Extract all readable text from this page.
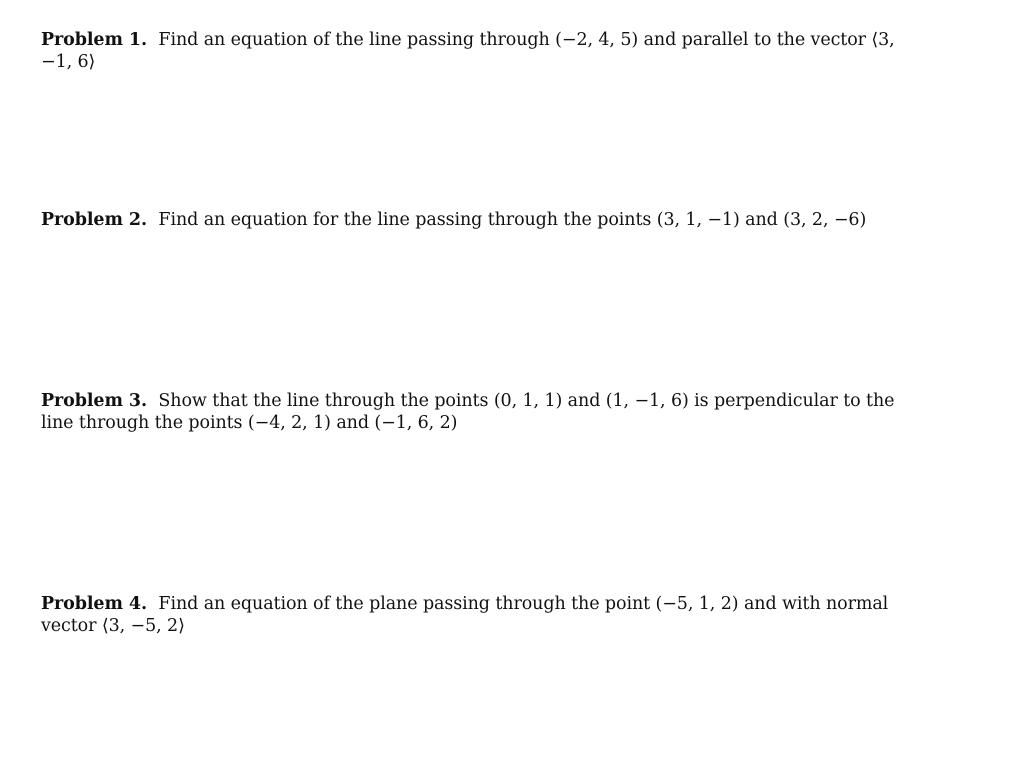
Problem 1. Find an equation of the line passing through (−2, 4, 5) and parallel to the vector ⟨3, −1, 6⟩
Problem 2. Find an equation for the line passing through the points (3, 1, −1) and (3, 2, −6)
Problem 3. Show that the line through the points (0, 1, 1) and (1, −1, 6) is perpendicular to the line through the points (−4, 2, 1) and (−1, 6, 2)
Problem 4. Find an equation of the plane passing through the point (−5, 1, 2) and with normal vector ⟨3, −5, 2⟩
